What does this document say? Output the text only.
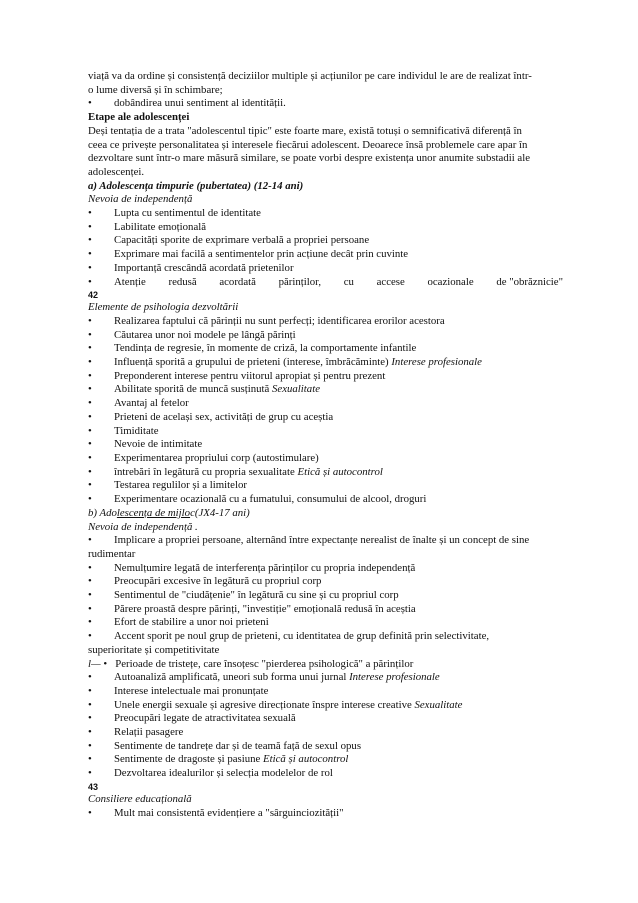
viață va da ordine și consistență deciziilor multiple și acțiunilor pe care individul le are de realizat într-
o lume diversă și în schimbare;
•	dobândirea unui sentiment al identității.
Etape ale adolescenței
Deși tentația de a trata "adolescentul tipic" este foarte mare, există totuși o semnificativă diferență în
ceea ce privește personalitatea și interesele fiecărui adolescent. Deoarece însă problemele care apar în
dezvoltare sunt într-o mare măsură similare, se poate vorbi despre existența unor anumite substadii ale
adolescenței.
a) Adolescența timpurie (pubertatea) (12-14 ani)
Nevoia de independență
•	Lupta cu sentimentul de identitate
•	Labilitate emoțională
•	Capacități sporite de exprimare verbală a propriei persoane
•	Exprimare mai facilă a sentimentelor prin acțiune decât prin cuvinte
•	Importanță crescândă acordată prietenilor
•	Atenție redusă acordată părinților, cu accese ocazionale de "obrăznicie"
42
Elemente de psihologia dezvoltării
•	Realizarea faptului că părinții nu sunt perfecți; identificarea erorilor acestora
•	Căutarea unor noi modele pe lângă părinți
•	Tendința de regresie, în momente de criză, la comportamente infantile
•	Influență sporită a grupului de prieteni (interese, îmbrăcăminte) Interese profesionale
•	Preponderent interese pentru viitorul apropiat și pentru prezent
•	Abilitate sporită de muncă susținută Sexualitate
•	Avantaj al fetelor
•	Prieteni de același sex, activități de grup cu aceștia
•	Timiditate
•	Nevoie de intimitate
•	Experimentarea propriului corp (autostimulare)
•	întrebări în legătură cu propria sexualitate Etică și autocontrol
•	Testarea regulilor și a limitelor
•	Experimentare ocazională cu a fumatului, consumului de alcool, droguri
b) Adolescența de mijloc(JX4-17 ani)
Nevoia de independență .
•	Implicare a propriei persoane, alternând între expectanțe nerealist de înalte și un concept de sine
rudimentar
•	Nemulțumire legată de interferența părinților cu propria independență
•	Preocupări excesive în legătură cu propriul corp
•	Sentimentul de "ciudățenie" în legătură cu sine și cu propriul corp
•	Părere proastă despre părinți, "investiție" emoțională redusă în aceștia
•	Efort de stabilire a unor noi prieteni
•	Accent sporit pe noul grup de prieteni, cu identitatea de grup definită prin selectivitate,
superioritate și competitivitate
l— • Perioade de tristețe, care însoțesc "pierderea psihologică" a părinților
•	Autoanaliză amplificată, uneori sub forma unui jurnal Interese profesionale
•	Interese intelectuale mai pronunțate
•	Unele energii sexuale și agresive direcționate înspre interese creative Sexualitate
•	Preocupări legate de atractivitatea sexuală
•	Relații pasagere
•	Sentimente de tandrețe dar și de teamă față de sexul opus
•	Sentimente de dragoste și pasiune Etică și autocontrol
•	Dezvoltarea idealurilor și selecția modelelor de rol
43
Consiliere educațională
•	Mult mai consistentă evidențiere a "sârguinciozității"
